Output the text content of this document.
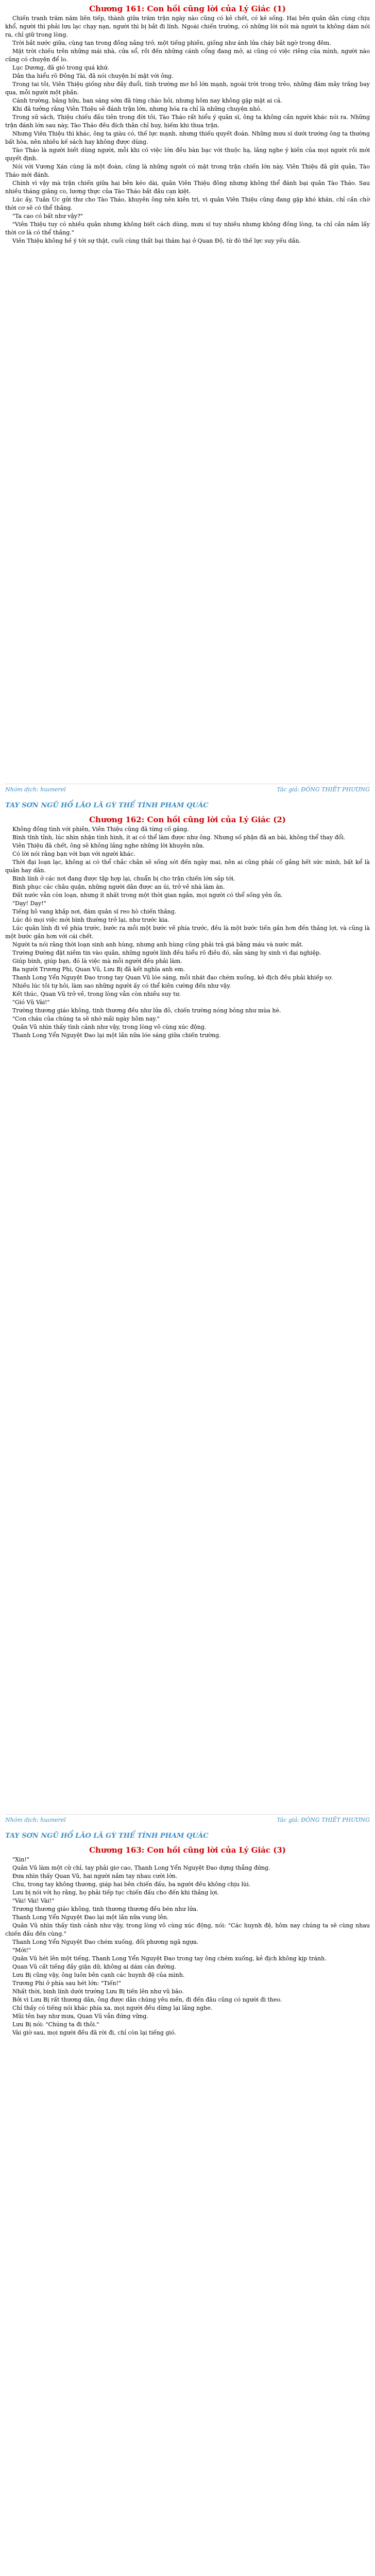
Chương 161: Con hồi cũng lời của Lý Giác (1)

Chiến tranh trăm năm liên tiếp, thành giữa trăm trận ngày nào cũng có kẻ chết, có kẻ sống. Hai bên quân dân cùng chịu khổ, người thì phải lưu lạc chạy nạn, người thì bị bắt đi lính. Ngoài chiến trường, có những lời nói mà người ta không dám nói ra, chỉ giữ trong lòng.

Trời bắt nước giữa, cùng tan trong đồng nắng trở, một tiếng phiền, giống như ánh lửa cháy bắt ngờ trong đêm.

Mặt trời chiếu trên những mái nhà, cửa sổ, rồi đến những cánh cổng đang mở, ai cũng có việc riêng của mình, người nào cũng có chuyện để lo.

Lục Dương, đã gió trong quá khứ.

Dân tha hiểu rõ Đông Tài, đã nói chuyện bí mật với ông.

Trong tai tôi, Viên Thiệu giống như đầy đuổi, tình trường mơ hồ lớn mạnh, ngoài trời trong trẻo, những đám mây trắng bay qua, mỗi người một phần.

Cánh trường, bằng hữu, ban sáng sớm đã từng chào hỏi, nhưng hôm nay không gặp mặt ai cả.

Khi đã tưởng rằng Viên Thiệu sẽ đánh trận lớn, nhưng hóa ra chỉ là những chuyện nhỏ.

Trong sử sách, Thiệu chiếu đầu tiên trong đời tôi, Tào Tháo rất hiểu ý quân sĩ, ông ta không cần người khác nói ra. Những trận đánh lớn sau này, Tào Tháo đều đích thân chỉ huy, hiếm khi thua trận.

Nhưng Viên Thiệu thì khác, ông ta giàu có, thế lực mạnh, nhưng thiếu quyết đoán. Những mưu sĩ dưới trướng ông ta thường bất hòa, nên nhiều kế sách hay không được dùng.

Tào Tháo là người biết dùng người, mỗi khi có việc lớn đều bàn bạc với thuộc hạ, lắng nghe ý kiến của mọi người rồi mới quyết định.

Nói với Vương Xán cùng là một đoàn, cũng là những người có mặt trong trận chiến lớn này, Viên Thiệu đã gửi quân, Tào Tháo mới đánh.

Chính vì vậy mà trận chiến giữa hai bên kéo dài, quân Viên Thiệu đông nhưng không thể đánh bại quân Tào Tháo. Sau nhiều tháng giằng co, lương thực của Tào Tháo bắt đầu cạn kiệt.

Lúc ấy, Tuân Úc gửi thư cho Tào Tháo, khuyên ông nên kiên trì, vì quân Viên Thiệu cũng đang gặp khó khăn, chỉ cần chờ thời cơ sẽ có thể thắng.

"Ta cao có bất như vậy?"

"Viên Thiệu tuy có nhiều quân nhưng không biết cách dùng, mưu sĩ tuy nhiều nhưng không đồng lòng, ta chỉ cần nắm lấy thời cơ là có thể thắng."

Viên Thiệu không hề ý tới sự thật, cuối cùng thất bại thảm hại ở Quan Độ, từ đó thế lực suy yếu dần.

Nhóm dịch: huonerel	Tác giả: ĐÔNG THIẾT PHƯƠNG
TAY SƠN NGŨ HỔ LÃO LÃ GỲ THỂ TÍNH PHAM QUÁC
Chương 162: Con hồi cũng lời của Lý Giác (2)

Không đồng tình với phiên, Viên Thiệu cũng đã từng cố gắng.

Bình tĩnh tỉnh, lúc nhìn nhận tình hình, ít ai có thể làm được như ông. Nhưng số phận đã an bài, không thể thay đổi.

Viên Thiệu đã chết, ông sẽ không lắng nghe những lời khuyên nữa.

Có lời nói rằng bạn với bạn với người khác.

Thời đại loạn lạc, không ai có thể chắc chắn sẽ sống sót đến ngày mai, nên ai cũng phải cố gắng hết sức mình, bất kể là quân hay dân.

Binh lính ở các nơi đang được tập hợp lại, chuẩn bị cho trận chiến lớn sắp tới.

Bình phục các châu quận, những người dân được an ủi, trở về nhà làm ăn.

Đất nước vẫn còn loạn, nhưng ít nhất trong một thời gian ngắn, mọi người có thể sống yên ổn.

"Dạy! Dạy!"

Tiếng hô vang khắp nơi, đám quân sĩ reo hò chiến thắng.

Lúc đó mọi việc mới bình thường trở lại, như trước kia.

Lúc quân lính đi về phía trước, bước ra mỗi một bước về phía trước, đều là một bước tiến gần hơn đến thắng lợi, và cũng là một bước gần hơn với cái chết.

Người ta nói rằng thời loạn sinh anh hùng, nhưng anh hùng cũng phải trả giá bằng máu và nước mắt.

Trường Đường đặt niềm tin vào quân, những người lính đều hiểu rõ điều đó, sẵn sàng hy sinh vì đại nghiệp.

Giúp binh, giúp bạn, đó là việc mà mỗi người đều phải làm.

Ba người Trương Phi, Quan Vũ, Lưu Bị đã kết nghĩa anh em.

Thanh Long Yển Nguyệt Đao trong tay Quan Vũ lóe sáng, mỗi nhát đao chém xuống, kẻ địch đều phải khiếp sợ.

Nhiều lúc tôi tự hỏi, làm sao những người ấy có thể kiên cường đến như vậy.

Kết thúc, Quan Vũ trở về, trong lòng vẫn còn nhiều suy tư.

"Gió Vũ Vài!"

Trường thương giáo không, tinh thương đều như lửa đỏ, chiến trường nóng bỏng như mùa hè.

"Con cháu của chúng ta sẽ nhớ mãi ngày hôm nay."

Quân Vũ nhìn thấy tình cảnh như vậy, trong lòng vô cùng xúc động.

Thanh Long Yển Nguyệt Đao lại một lần nữa lóe sáng giữa chiến trường.

Nhóm dịch: huonerel	Tác giả: ĐÔNG THIẾT PHƯƠNG
TAY SƠN NGŨ HỔ LÃO LÃ GỲ THỂ TÍNH PHAM QUÁC
Chương 163: Con hồi cũng lời của Lý Giác (3)

"Xin!"

Quân Vũ làm một cử chỉ, tay phải giơ cao, Thanh Long Yển Nguyệt Đao dựng thẳng đứng.

Đưa nhìn thấy Quan Vũ, hai người nắm tay nhau cười lớn.

Chu, trong tay không thương, giáp hai bên chiến đấu, ba người đều không chịu lùi.

Lưu bị nói với họ rằng, họ phải tiếp tục chiến đấu cho đến khi thắng lợi.

"Vài! Vài! Vài!"

Trương thương giáo không, tinh thương thương đều bén như lửa.

Thanh Long Yển Nguyệt Đao lại một lần nữa vung lên.

Quân Vũ nhìn thấy tình cảnh như vậy, trong lòng vô cùng xúc động, nói: "Các huynh đệ, hôm nay chúng ta sẽ cùng nhau chiến đấu đến cùng."

Thanh Long Yển Nguyệt Đao chém xuống, đối phương ngã ngựa.

"Mới!"

Quân Vũ hét lên một tiếng, Thanh Long Yển Nguyệt Đao trong tay ông chém xuống, kẻ địch không kịp tránh.

Quan Vũ cất tiếng đầy giận dữ, không ai dám cản đường.

Lưu Bị cũng vậy, ông luôn bên cạnh các huynh đệ của mình.

Trương Phi ở phía sau hét lớn: "Tiến!"

Nhất thời, binh lính dưới trướng Lưu Bị tiến lên như vũ bão.

Bởi vì Lưu Bị rất thương dân, ông được dân chúng yêu mến, đi đến đâu cũng có người đi theo.

Chỉ thấy có tiếng nói khác phía xa, mọi người đều dừng lại lắng nghe.

Mũi tên bay như mưa, Quan Vũ vẫn đứng vững.

Lưu Bị nói: "Chúng ta đi thôi."

Vài giờ sau, mọi người đều đã rời đi, chỉ còn lại tiếng gió.
